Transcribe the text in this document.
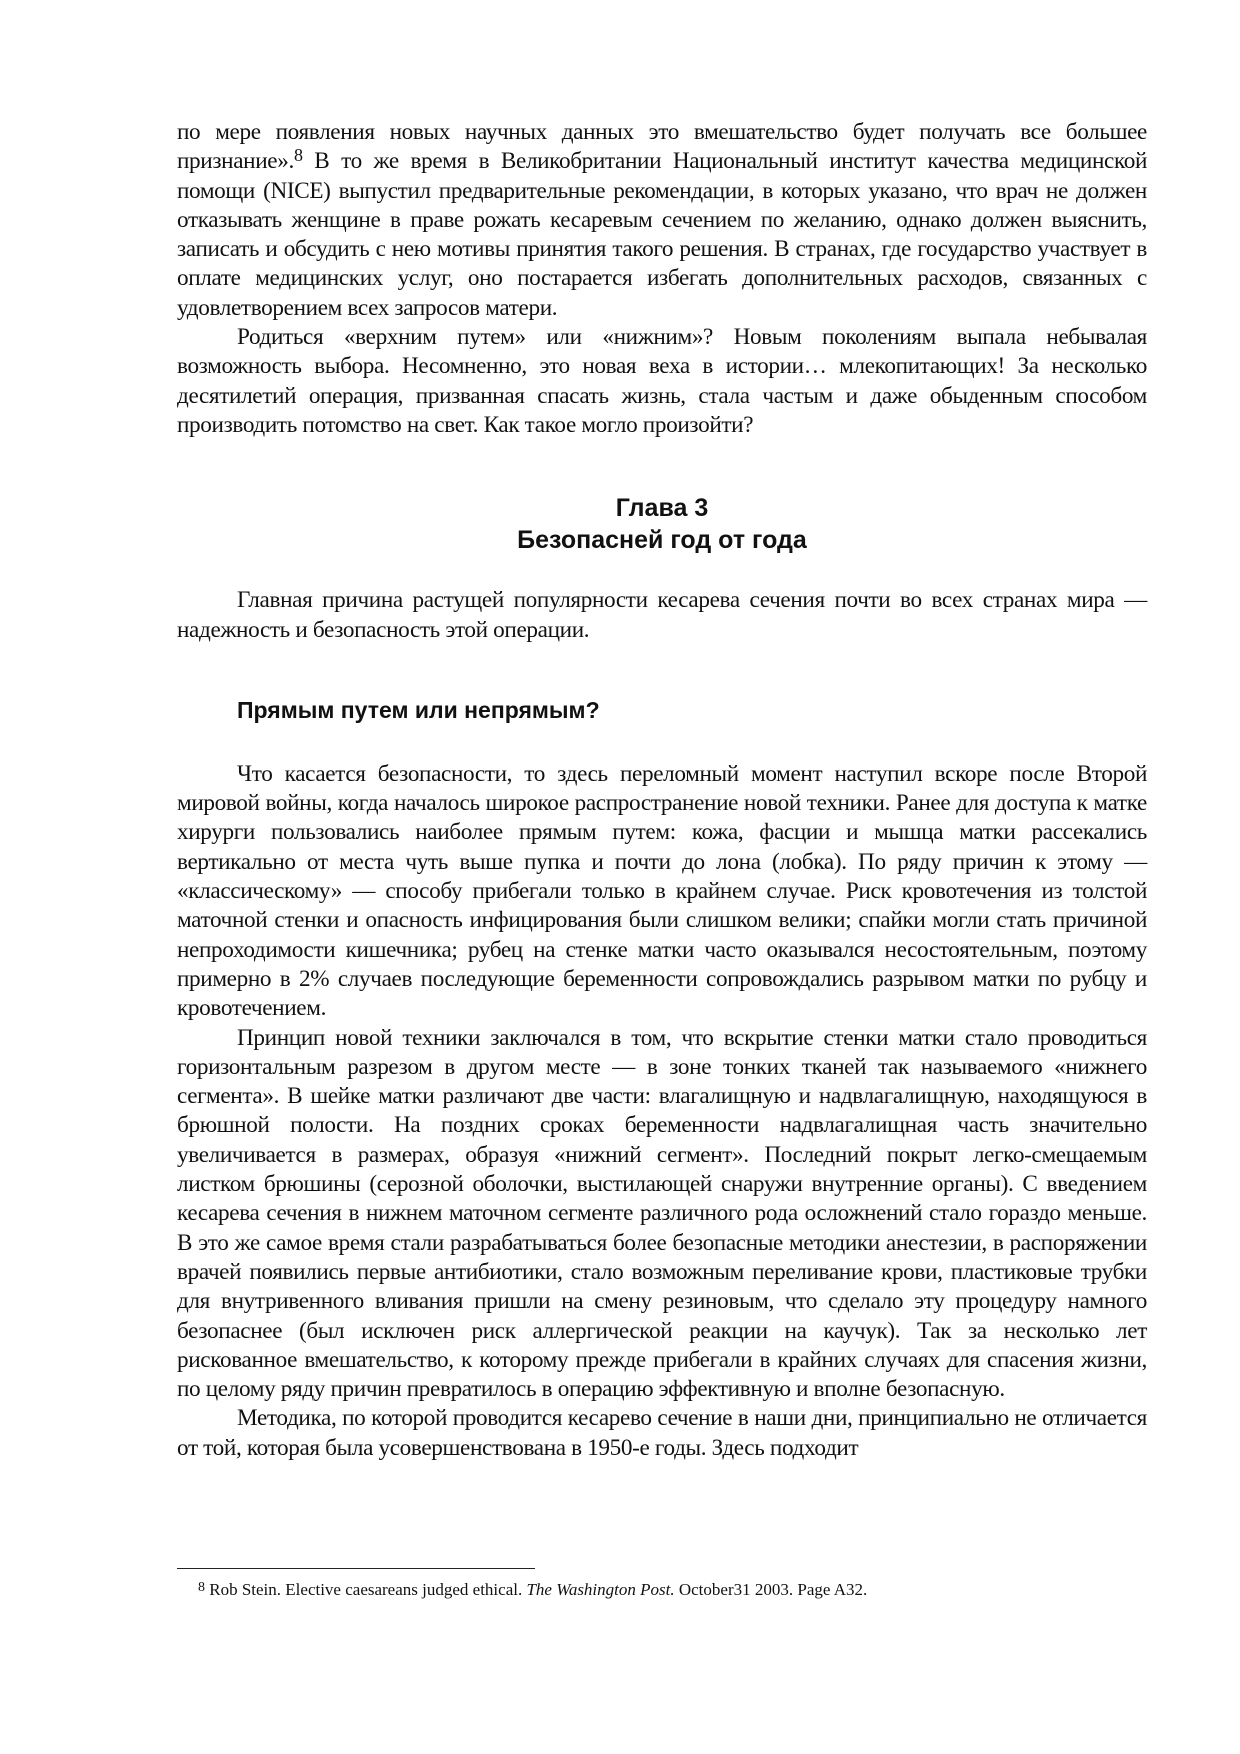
по мере появления новых научных данных это вмешательство будет получать все большее признание».$^8$ В то же время в Великобритании Национальный институт качества медицинской помощи (NICE) выпустил предварительные рекомендации, в которых указано, что врач не должен отказывать женщине в праве рожать кесаревым сечением по желанию, однако должен выяснить, записать и обсудить с нею мотивы принятия такого решения. В странах, где государство участвует в оплате медицинских услуг, оно постарается избегать дополнительных расходов, связанных с удовлетворением всех запросов матери.

Родиться «верхним путем» или «нижним»? Новым поколениям выпала небывалая возможность выбора. Несомненно, это новая веха в истории… млекопитающих! За несколько десятилетий операция, призванная спасать жизнь, стала частым и даже обыденным способом производить потомство на свет. Как такое могло произойти?

Глава 3

Безопасней год от года

Главная причина растущей популярности кесарева сечения почти во всех странах мира — надежность и безопасность этой операции.

Прямым путем или непрямым?

Что касается безопасности, то здесь переломный момент наступил вскоре после Второй мировой войны, когда началось широкое распространение новой техники. Ранее для доступа к матке хирурги пользовались наиболее прямым путем: кожа, фасции и мышца матки рассекались вертикально от места чуть выше пупка и почти до лона (лобка). По ряду причин к этому — «классическому» — способу прибегали только в крайнем случае. Риск кровотечения из толстой маточной стенки и опасность инфицирования были слишком велики; спайки могли стать причиной непроходимости кишечника; рубец на стенке матки часто оказывался несостоятельным, поэтому примерно в 2% случаев последующие беременности сопровождались разрывом матки по рубцу и кровотечением.

Принцип новой техники заключался в том, что вскрытие стенки матки стало проводиться горизонтальным разрезом в другом месте — в зоне тонких тканей так называемого «нижнего сегмента». В шейке матки различают две части: влагалищную и надвлагалищную, находящуюся в брюшной полости. На поздних сроках беременности надвлагалищная часть значительно увеличивается в размерах, образуя «нижний сегмент». Последний покрыт легко-смещаемым листком брюшины (серозной оболочки, выстилающей снаружи внутренние органы). С введением кесарева сечения в нижнем маточном сегменте различного рода осложнений стало гораздо меньше. В это же самое время стали разрабатываться более безопасные методики анестезии, в распоряжении врачей появились первые антибиотики, стало возможным переливание крови, пластиковые трубки для внутривенного вливания пришли на смену резиновым, что сделало эту процедуру намного безопаснее (был исключен риск аллергической реакции на каучук). Так за несколько лет рискованное вмешательство, к которому прежде прибегали в крайних случаях для спасения жизни, по целому ряду причин превратилось в операцию эффективную и вполне безопасную.

Методика, по которой проводится кесарево сечение в наши дни, принципиально не отличается от той, которая была усовершенствована в 1950-е годы. Здесь подходит

$^8$ Rob Stein. Elective caesareans judged ethical. The Washington Post. October31 2003. Page A32.
